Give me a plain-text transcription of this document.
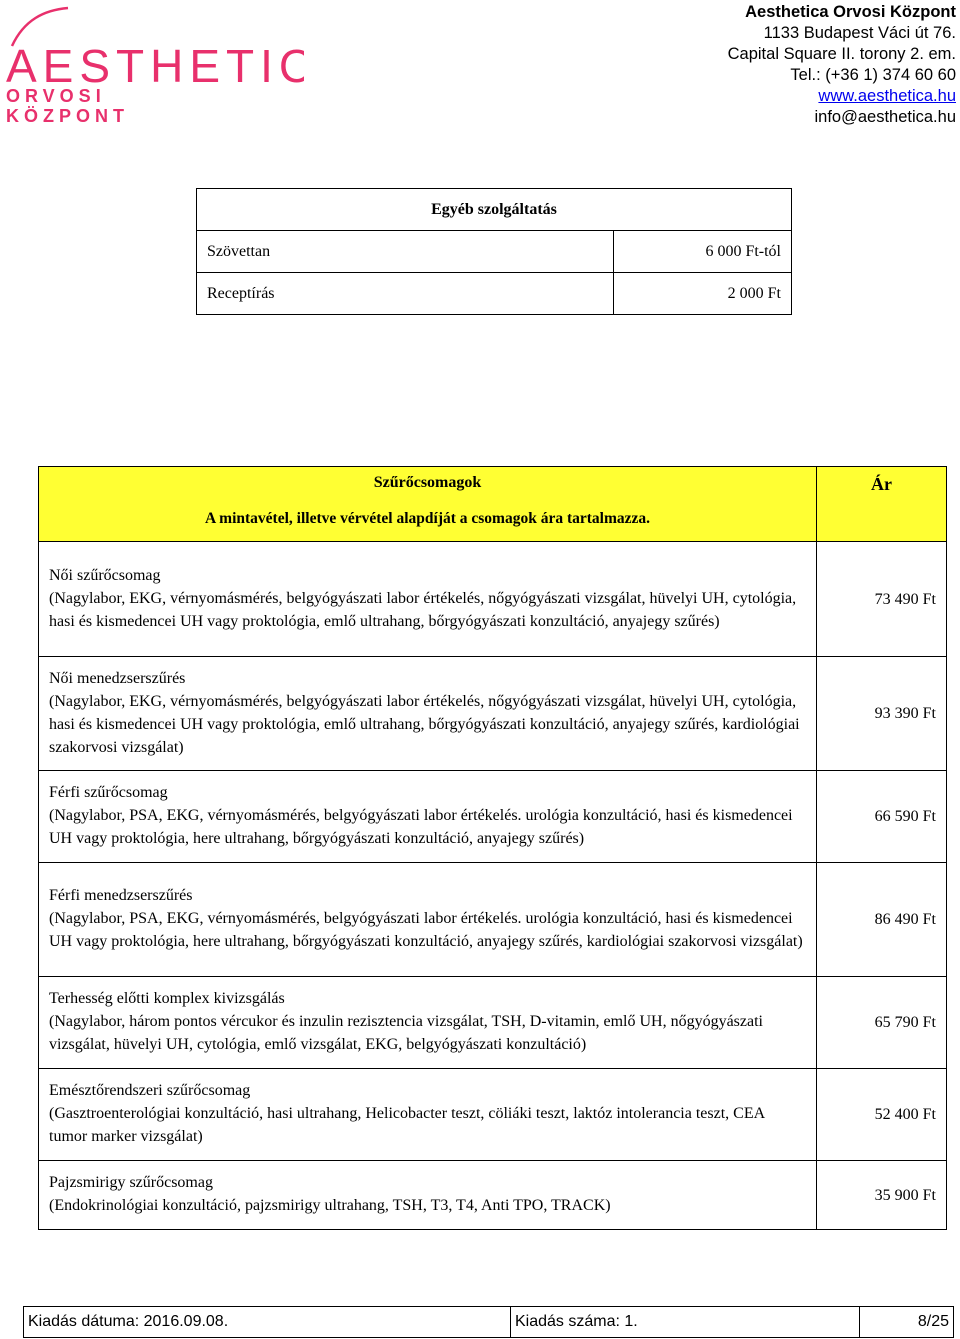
AESTHETIC
ORVOSI
KÖZPONT
Aesthetica Orvosi Központ
1133 Budapest Váci út 76.
Capital Square II. torony 2. em.
Tel.: (+36 1) 374 60 60
www.aesthetica.hu
info@aesthetica.hu
Egyéb szolgáltatás	
Szövettan	6 000 Ft-tól
Receptírás	2 000 Ft
Szűrőcsomagok
A mintavétel, illetve vérvétel alapdíját a csomagok ára tartalmazza.	Ár

Női szűrőcsomag
(Nagylabor, EKG, vérnyomásmérés, belgyógyászati labor értékelés, nőgyógyászati vizsgálat, hüvelyi UH, cytológia, hasi és kismedencei UH vagy proktológia, emlő ultrahang, bőrgyógyászati konzultáció, anyajegy szűrés)	73 490 Ft

Női menedzserszűrés
(Nagylabor, EKG, vérnyomásmérés, belgyógyászati labor értékelés, nőgyógyászati vizsgálat, hüvelyi UH, cytológia, hasi és kismedencei UH vagy proktológia, emlő ultrahang, bőrgyógyászati konzultáció, anyajegy szűrés, kardiológiai szakorvosi vizsgálat)	93 390 Ft

Férfi szűrőcsomag
(Nagylabor, PSA, EKG, vérnyomásmérés, belgyógyászati labor értékelés. urológia konzultáció, hasi és kismedencei UH vagy proktológia, here ultrahang, bőrgyógyászati konzultáció, anyajegy szűrés)	66 590 Ft

Férfi menedzserszűrés
(Nagylabor, PSA, EKG, vérnyomásmérés, belgyógyászati labor értékelés. urológia konzultáció, hasi és kismedencei UH vagy proktológia, here ultrahang, bőrgyógyászati konzultáció, anyajegy szűrés, kardiológiai szakorvosi vizsgálat)	86 490 Ft

Terhesség előtti komplex kivizsgálás
(Nagylabor, három pontos vércukor és inzulin rezisztencia vizsgálat, TSH, D-vitamin, emlő UH, nőgyógyászati vizsgálat, hüvelyi UH, cytológia, emlő vizsgálat, EKG, belgyógyászati konzultáció)	65 790 Ft

Emésztőrendszeri szűrőcsomag
(Gasztroenterológiai konzultáció, hasi ultrahang, Helicobacter teszt, cöliáki teszt, laktóz intolerancia teszt, CEA tumor marker vizsgálat)	52 400 Ft

Pajzsmirigy szűrőcsomag
(Endokrinológiai konzultáció, pajzsmirigy ultrahang, TSH, T3, T4, Anti TPO, TRACK)	35 900 Ft
Kiadás dátuma: 2016.09.08.	Kiadás száma: 1.	8/25
